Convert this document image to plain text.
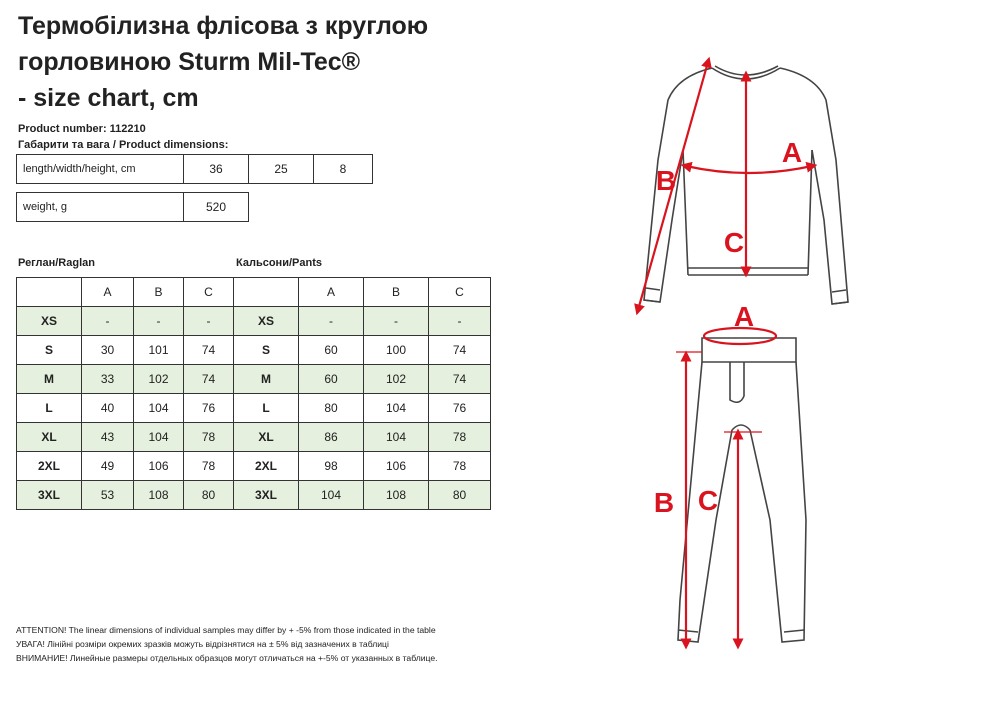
Термобілизна флісова з круглою
горловиною Sturm Mil-Tec®
- size chart, cm
Product number: 112210
Габарити та вага / Product dimensions:
length/width/height, cm	36	25	8
weight, g	520
Реглан/Raglan	Кальсони/Pants
	A	B	C		A	B	C
XS	-	-	-	XS	-	-	-
S	30	101	74	S	60	100	74
M	33	102	74	M	60	102	74
L	40	104	76	L	80	104	76
XL	43	104	78	XL	86	104	78
2XL	49	106	78	2XL	98	106	78
3XL	53	108	80	3XL	104	108	80
ATTENTION! The linear dimensions of individual samples may differ by + -5% from those indicated in the table
УВАГА! Лінійні розміри окремих зразків можуть відрізнятися на ± 5% від зазначених в таблиці
ВНИМАНИЕ! Линейные размеры отдельных образцов могут отличаться на +-5% от указанных в таблице.
B
A
C
A
B C
